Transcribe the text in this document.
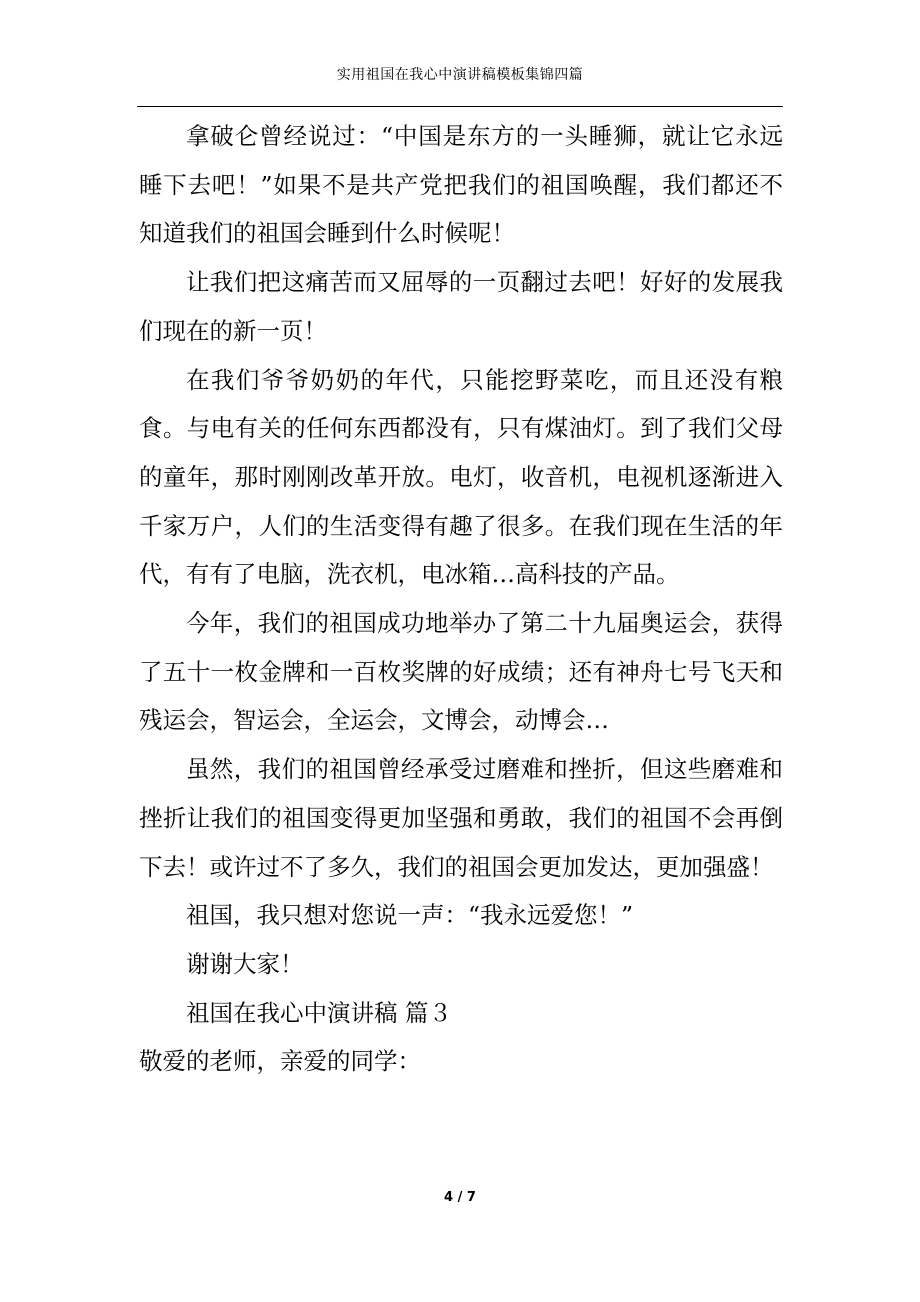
实用祖国在我心中演讲稿模板集锦四篇

拿破仑曾经说过：“中国是东方的一头睡狮，就让它永远睡下去吧！”如果不是共产党把我们的祖国唤醒，我们都还不知道我们的祖国会睡到什么时候呢！

让我们把这痛苦而又屈辱的一页翻过去吧！好好的发展我们现在的新一页！

在我们爷爷奶奶的年代，只能挖野菜吃，而且还没有粮食。与电有关的任何东西都没有，只有煤油灯。到了我们父母的童年，那时刚刚改革开放。电灯，收音机，电视机逐渐进入千家万户，人们的生活变得有趣了很多。在我们现在生活的年代，有有了电脑，洗衣机，电冰箱…高科技的产品。

今年，我们的祖国成功地举办了第二十九届奥运会，获得了五十一枚金牌和一百枚奖牌的好成绩；还有神舟七号飞天和残运会，智运会，全运会，文博会，动博会…

虽然，我们的祖国曾经承受过磨难和挫折，但这些磨难和挫折让我们的祖国变得更加坚强和勇敢，我们的祖国不会再倒下去！或许过不了多久，我们的祖国会更加发达，更加强盛！

祖国，我只想对您说一声：“我永远爱您！”

谢谢大家！

祖国在我心中演讲稿 篇３

敬爱的老师，亲爱的同学：

4 / 7
